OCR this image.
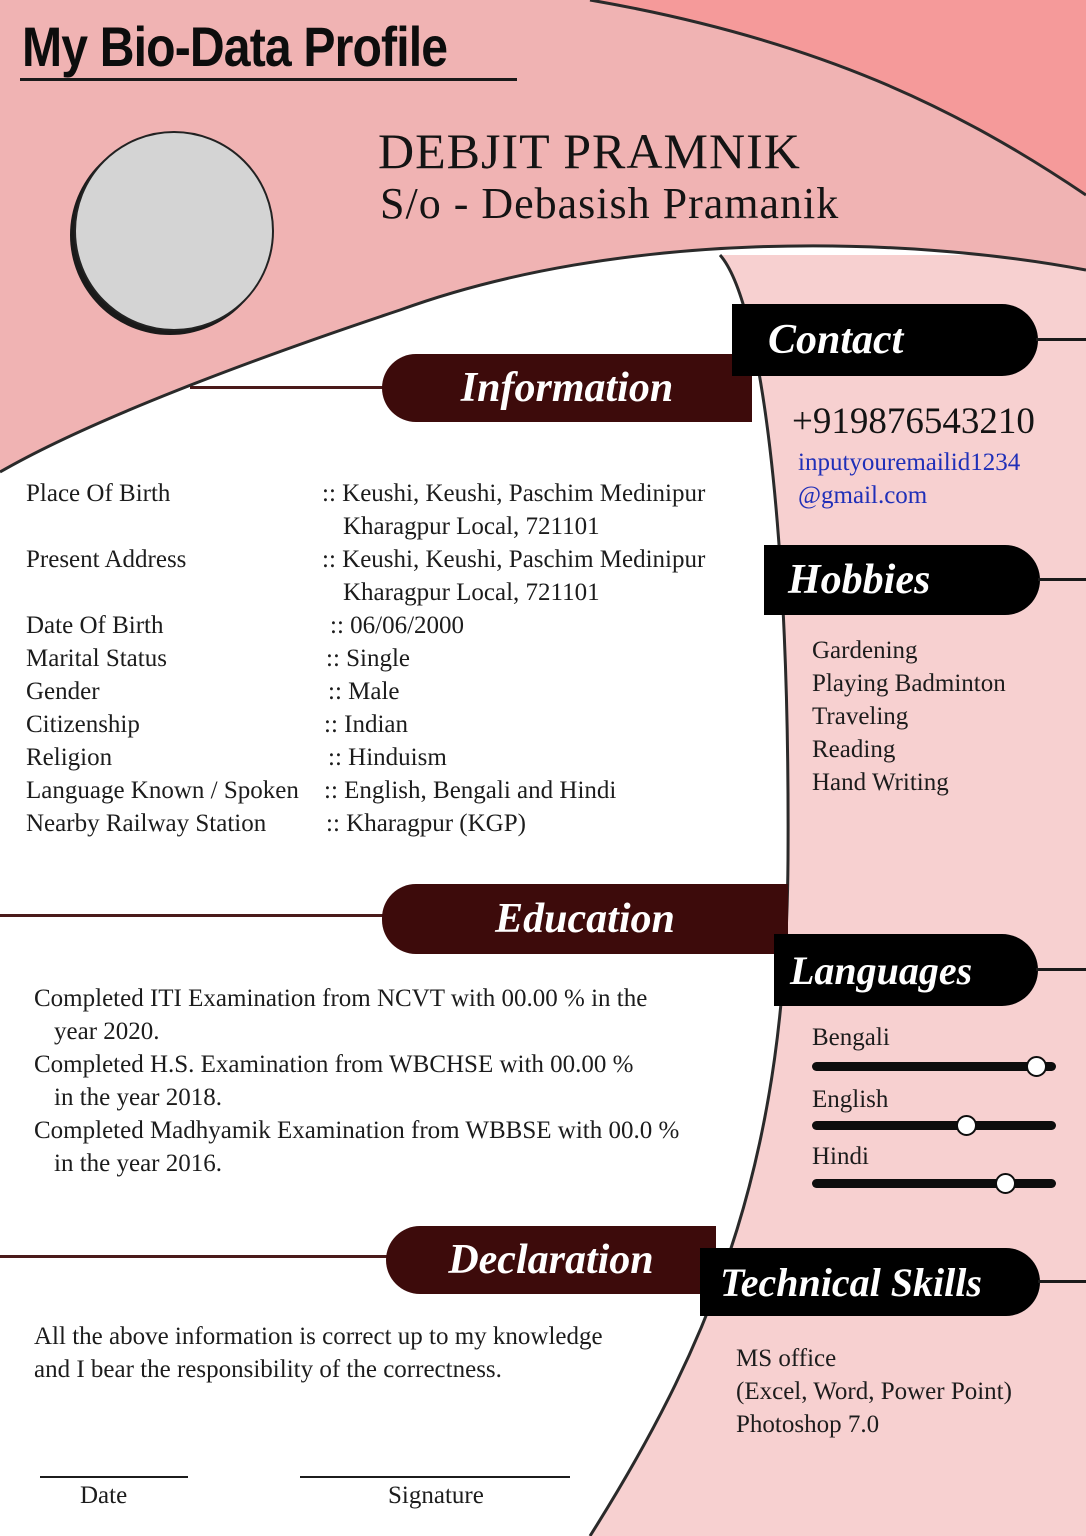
My Bio-Data Profile
DEBJIT PRAMNIK
S/o - Debasish Pramanik
Information
Place Of Birth	:: Keushi, Keushi, Paschim Medinipur
Kharagpur Local, 721101
Present Address	:: Keushi, Keushi, Paschim Medinipur
Kharagpur Local, 721101
Date Of Birth	:: 06/06/2000
Marital Status	:: Single
Gender	:: Male
Citizenship	:: Indian
Religion	:: Hinduism
Language Known / Spoken :: English, Bengali and Hindi
Nearby Railway Station :: Kharagpur (KGP)
Education
Completed ITI Examination from NCVT with 00.00 % in the
year 2020.
Completed H.S. Examination from WBCHSE with 00.00 %
in the year 2018.
Completed Madhyamik Examination from WBBSE with 00.0 %
in the year 2016.
Declaration
All the above information is correct up to my knowledge
and I bear the responsibility of the correctness.
Date	Signature
Contact
+919876543210
inputyouremailid1234
@gmail.com
Hobbies
Gardening
Playing Badminton
Traveling
Reading
Hand Writing
Languages
Bengali
English
Hindi
Technical Skills
MS office
(Excel, Word, Power Point)
Photoshop 7.0
